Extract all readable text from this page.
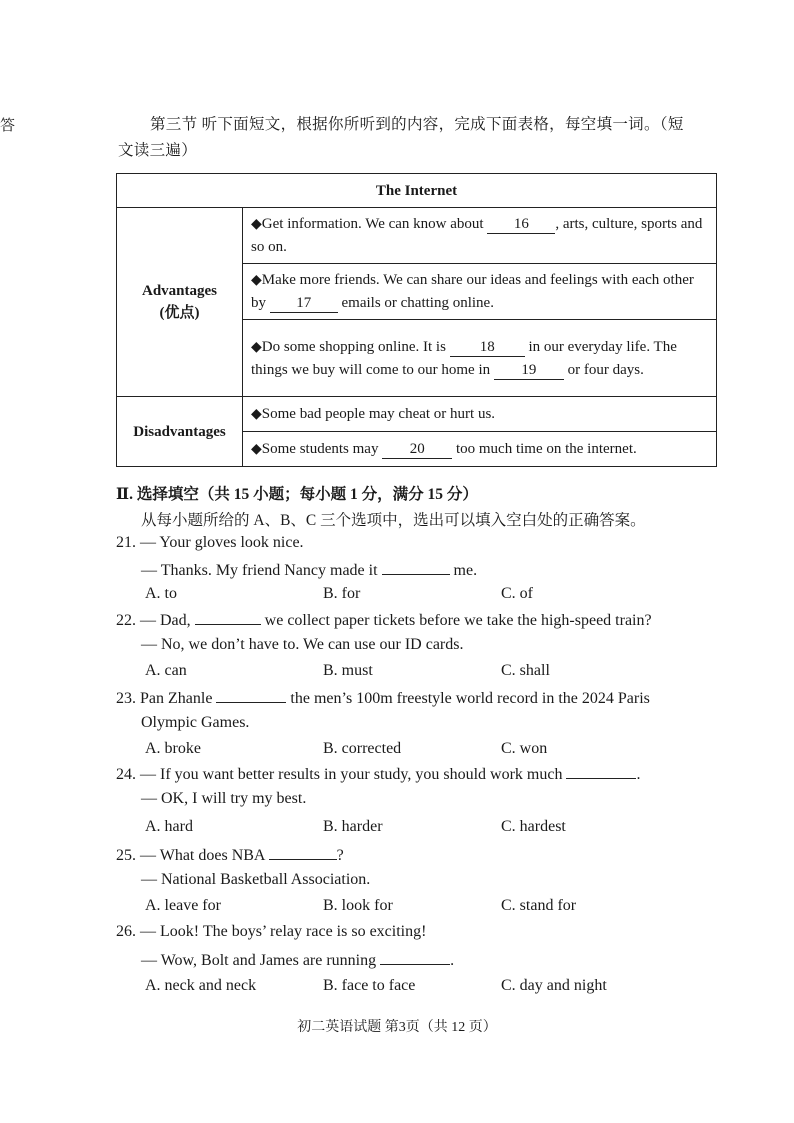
答	第三节 听下面短文，根据你所听到的内容，完成下面表格，每空填一词。（短
文读三遍）
The Internet	

Advantages
(优点)	◆Get information. We can know about 16 , arts, culture, sports and so on.
	◆Make more friends. We can share our ideas and feelings with each other by 17 emails or chatting online.
	◆Do some shopping online. It is 18 in our everyday life. The things we buy will come to our home in 19 or four days.
Disadvantages	◆Some bad people may cheat or hurt us.
	◆Some students may 20 too much time on the internet.
Ⅱ. 选择填空（共 15 小题；每小题 1 分，满分 15 分）
从每小题所给的 A、B、C 三个选项中，选出可以填入空白处的正确答案。
21. — Your gloves look nice.
— Thanks. My friend Nancy made it	me.
A. to	B. for	C. of
22. — Dad,	we collect paper tickets before we take the high-speed train?
— No, we don’t have to. We can use our ID cards.
A. can	B. must	C. shall
23. Pan Zhanle	the men’s 100m freestyle world record in the 2024 Paris
Olympic Games.
A. broke	B. corrected	C. won
24. — If you want better results in your study, you should work much	.
— OK, I will try my best.
A. hard	B. harder	C. hardest
25. — What does NBA	?
— National Basketball Association.
A. leave for	B. look for	C. stand for
26. — Look! The boys’ relay race is so exciting!
— Wow, Bolt and James are running	.
A. neck and neck	B. face to face	C. day and night
初二英语试题 第3页（共 12 页）
